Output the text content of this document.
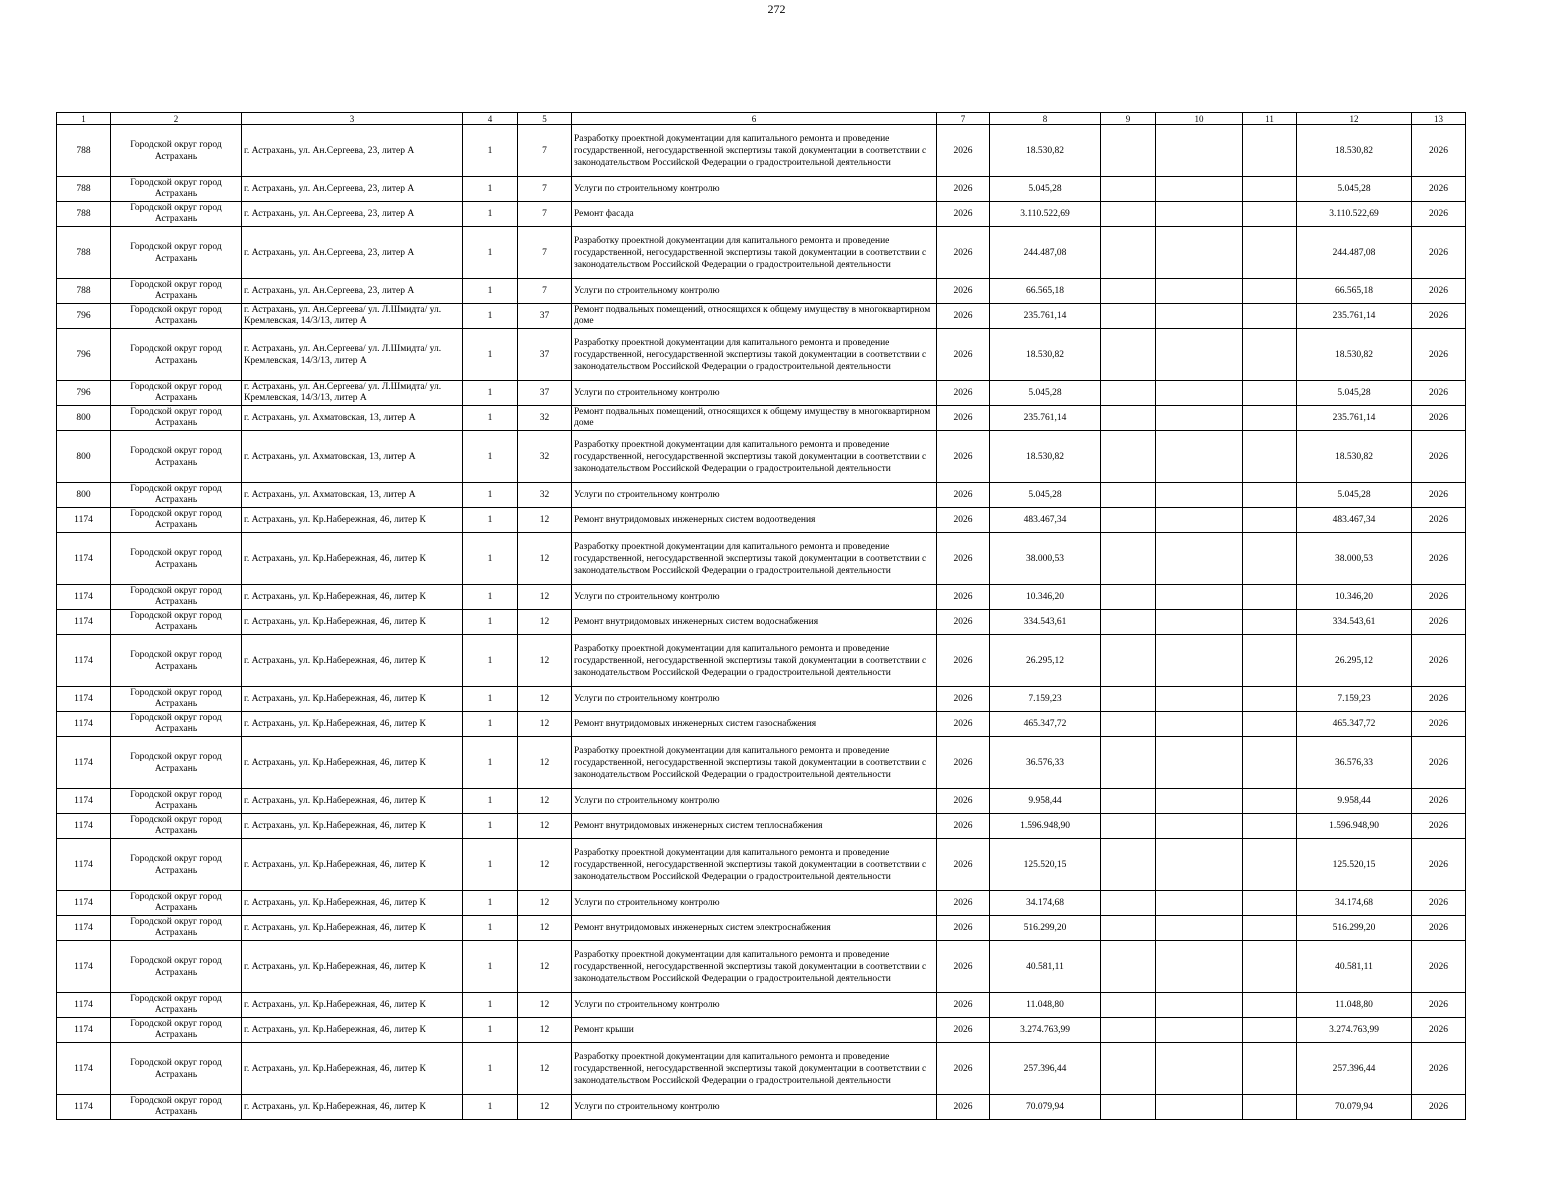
272
1	2	3	4	5	6	7	8	9	10	11	12	13
788	Городской округ город Астрахань	г. Астрахань, ул. Ан.Сергеева, 23, литер А	1	7	Разработку проектной документации для капитального ремонта и проведение государственной, негосударственной экспертизы такой документации в соответствии с законодательством Российской Федерации о градостроительной деятельности	2026	18.530,82				18.530,82	2026
788	Городской округ город Астрахань	г. Астрахань, ул. Ан.Сергеева, 23, литер А	1	7	Услуги по строительному контролю	2026	5.045,28				5.045,28	2026
788	Городской округ город Астрахань	г. Астрахань, ул. Ан.Сергеева, 23, литер А	1	7	Ремонт фасада	2026	3.110.522,69				3.110.522,69	2026
788	Городской округ город Астрахань	г. Астрахань, ул. Ан.Сергеева, 23, литер А	1	7	Разработку проектной документации для капитального ремонта и проведение государственной, негосударственной экспертизы такой документации в соответствии с законодательством Российской Федерации о градостроительной деятельности	2026	244.487,08				244.487,08	2026
788	Городской округ город Астрахань	г. Астрахань, ул. Ан.Сергеева, 23, литер А	1	7	Услуги по строительному контролю	2026	66.565,18				66.565,18	2026
796	Городской округ город Астрахань	г. Астрахань, ул. Ан.Сергеева/ ул. Л.Шмидта/ ул. Кремлевская, 14/3/13, литер А	1	37	Ремонт подвальных помещений, относящихся к общему имуществу в многоквартирном доме	2026	235.761,14				235.761,14	2026
796	Городской округ город Астрахань	г. Астрахань, ул. Ан.Сергеева/ ул. Л.Шмидта/ ул. Кремлевская, 14/3/13, литер А	1	37	Разработку проектной документации для капитального ремонта и проведение государственной, негосударственной экспертизы такой документации в соответствии с законодательством Российской Федерации о градостроительной деятельности	2026	18.530,82				18.530,82	2026
796	Городской округ город Астрахань	г. Астрахань, ул. Ан.Сергеева/ ул. Л.Шмидта/ ул. Кремлевская, 14/3/13, литер А	1	37	Услуги по строительному контролю	2026	5.045,28				5.045,28	2026
800	Городской округ город Астрахань	г. Астрахань, ул. Ахматовская, 13, литер А	1	32	Ремонт подвальных помещений, относящихся к общему имуществу в многоквартирном доме	2026	235.761,14				235.761,14	2026
800	Городской округ город Астрахань	г. Астрахань, ул. Ахматовская, 13, литер А	1	32	Разработку проектной документации для капитального ремонта и проведение государственной, негосударственной экспертизы такой документации в соответствии с законодательством Российской Федерации о градостроительной деятельности	2026	18.530,82				18.530,82	2026
800	Городской округ город Астрахань	г. Астрахань, ул. Ахматовская, 13, литер А	1	32	Услуги по строительному контролю	2026	5.045,28				5.045,28	2026
1174	Городской округ город Астрахань	г. Астрахань, ул. Кр.Набережная, 46, литер К	1	12	Ремонт внутридомовых инженерных систем водоотведения	2026	483.467,34				483.467,34	2026
1174	Городской округ город Астрахань	г. Астрахань, ул. Кр.Набережная, 46, литер К	1	12	Разработку проектной документации для капитального ремонта и проведение государственной, негосударственной экспертизы такой документации в соответствии с законодательством Российской Федерации о градостроительной деятельности	2026	38.000,53				38.000,53	2026
1174	Городской округ город Астрахань	г. Астрахань, ул. Кр.Набережная, 46, литер К	1	12	Услуги по строительному контролю	2026	10.346,20				10.346,20	2026
1174	Городской округ город Астрахань	г. Астрахань, ул. Кр.Набережная, 46, литер К	1	12	Ремонт внутридомовых инженерных систем водоснабжения	2026	334.543,61				334.543,61	2026
1174	Городской округ город Астрахань	г. Астрахань, ул. Кр.Набережная, 46, литер К	1	12	Разработку проектной документации для капитального ремонта и проведение государственной, негосударственной экспертизы такой документации в соответствии с законодательством Российской Федерации о градостроительной деятельности	2026	26.295,12				26.295,12	2026
1174	Городской округ город Астрахань	г. Астрахань, ул. Кр.Набережная, 46, литер К	1	12	Услуги по строительному контролю	2026	7.159,23				7.159,23	2026
1174	Городской округ город Астрахань	г. Астрахань, ул. Кр.Набережная, 46, литер К	1	12	Ремонт внутридомовых инженерных систем газоснабжения	2026	465.347,72				465.347,72	2026
1174	Городской округ город Астрахань	г. Астрахань, ул. Кр.Набережная, 46, литер К	1	12	Разработку проектной документации для капитального ремонта и проведение государственной, негосударственной экспертизы такой документации в соответствии с законодательством Российской Федерации о градостроительной деятельности	2026	36.576,33				36.576,33	2026
1174	Городской округ город Астрахань	г. Астрахань, ул. Кр.Набережная, 46, литер К	1	12	Услуги по строительному контролю	2026	9.958,44				9.958,44	2026
1174	Городской округ город Астрахань	г. Астрахань, ул. Кр.Набережная, 46, литер К	1	12	Ремонт внутридомовых инженерных систем теплоснабжения	2026	1.596.948,90				1.596.948,90	2026
1174	Городской округ город Астрахань	г. Астрахань, ул. Кр.Набережная, 46, литер К	1	12	Разработку проектной документации для капитального ремонта и проведение государственной, негосударственной экспертизы такой документации в соответствии с законодательством Российской Федерации о градостроительной деятельности	2026	125.520,15				125.520,15	2026
1174	Городской округ город Астрахань	г. Астрахань, ул. Кр.Набережная, 46, литер К	1	12	Услуги по строительному контролю	2026	34.174,68				34.174,68	2026
1174	Городской округ город Астрахань	г. Астрахань, ул. Кр.Набережная, 46, литер К	1	12	Ремонт внутридомовых инженерных систем электроснабжения	2026	516.299,20				516.299,20	2026
1174	Городской округ город Астрахань	г. Астрахань, ул. Кр.Набережная, 46, литер К	1	12	Разработку проектной документации для капитального ремонта и проведение государственной, негосударственной экспертизы такой документации в соответствии с законодательством Российской Федерации о градостроительной деятельности	2026	40.581,11				40.581,11	2026
1174	Городской округ город Астрахань	г. Астрахань, ул. Кр.Набережная, 46, литер К	1	12	Услуги по строительному контролю	2026	11.048,80				11.048,80	2026
1174	Городской округ город Астрахань	г. Астрахань, ул. Кр.Набережная, 46, литер К	1	12	Ремонт крыши	2026	3.274.763,99				3.274.763,99	2026
1174	Городской округ город Астрахань	г. Астрахань, ул. Кр.Набережная, 46, литер К	1	12	Разработку проектной документации для капитального ремонта и проведение государственной, негосударственной экспертизы такой документации в соответствии с законодательством Российской Федерации о градостроительной деятельности	2026	257.396,44				257.396,44	2026
1174	Городской округ город Астрахань	г. Астрахань, ул. Кр.Набережная, 46, литер К	1	12	Услуги по строительному контролю	2026	70.079,94				70.079,94	2026
